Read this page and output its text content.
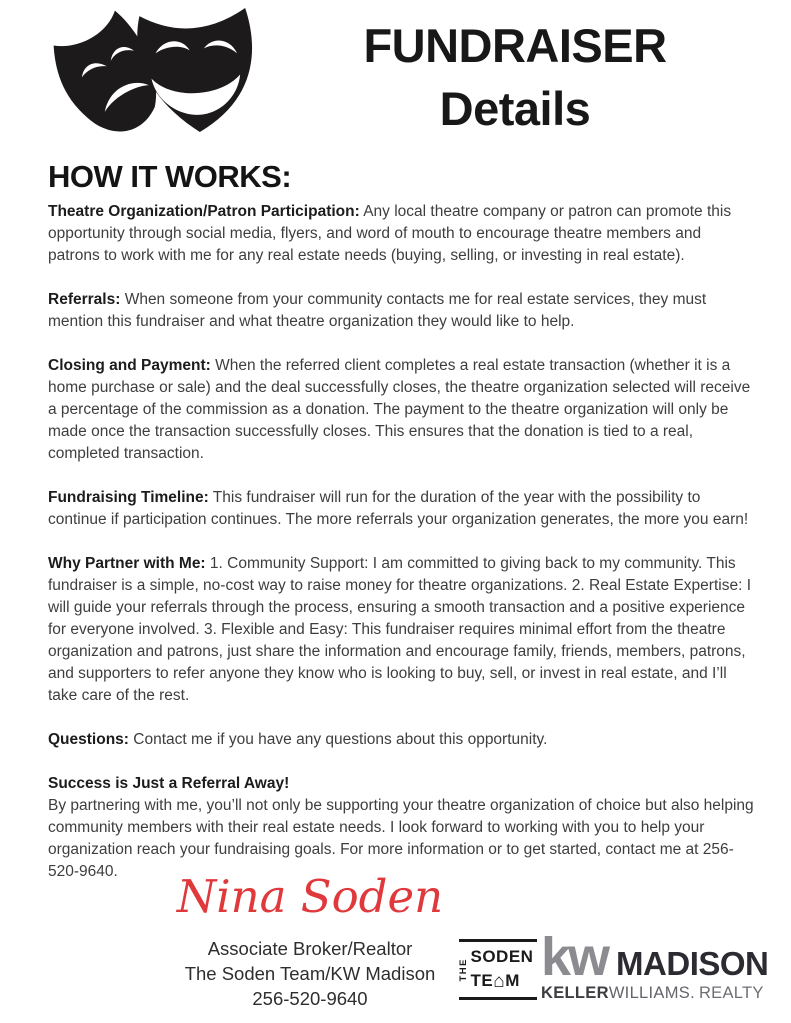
FUNDRAISER
Details
HOW IT WORKS:

Theatre Organization/Patron Participation: Any local theatre company or patron can promote this opportunity through social media, flyers, and word of mouth to encourage theatre members and patrons to work with me for any real estate needs (buying, selling, or investing in real estate).

Referrals: When someone from your community contacts me for real estate services, they must mention this fundraiser and what theatre organization they would like to help.

Closing and Payment: When the referred client completes a real estate transaction (whether it is a home purchase or sale) and the deal successfully closes, the theatre organization selected will receive a percentage of the commission as a donation. The payment to the theatre organization will only be made once the transaction successfully closes. This ensures that the donation is tied to a real, completed transaction.

Fundraising Timeline: This fundraiser will run for the duration of the year with the possibility to continue if participation continues. The more referrals your organization generates, the more you earn!

Why Partner with Me: 1. Community Support: I am committed to giving back to my community. This fundraiser is a simple, no-cost way to raise money for theatre organizations. 2. Real Estate Expertise: I will guide your referrals through the process, ensuring a smooth transaction and a positive experience for everyone involved. 3. Flexible and Easy: This fundraiser requires minimal effort from the theatre organization and patrons, just share the information and encourage family, friends, members, patrons, and supporters to refer anyone they know who is looking to buy, sell, or invest in real estate, and I’ll take care of the rest.

Questions: Contact me if you have any questions about this opportunity.

Success is Just a Referral Away!
By partnering with me, you’ll not only be supporting your theatre organization of choice but also helping community members with their real estate needs. I look forward to working with you to help your organization reach your fundraising goals. For more information or to get started, contact me at 256-520-9640.	Nina Soden
Associate Broker/Realtor
The Soden Team/KW Madison
256-520-9640
THE
SODEN
TE⌂M kw MADISON
KELLERWILLIAMS. REALTY
